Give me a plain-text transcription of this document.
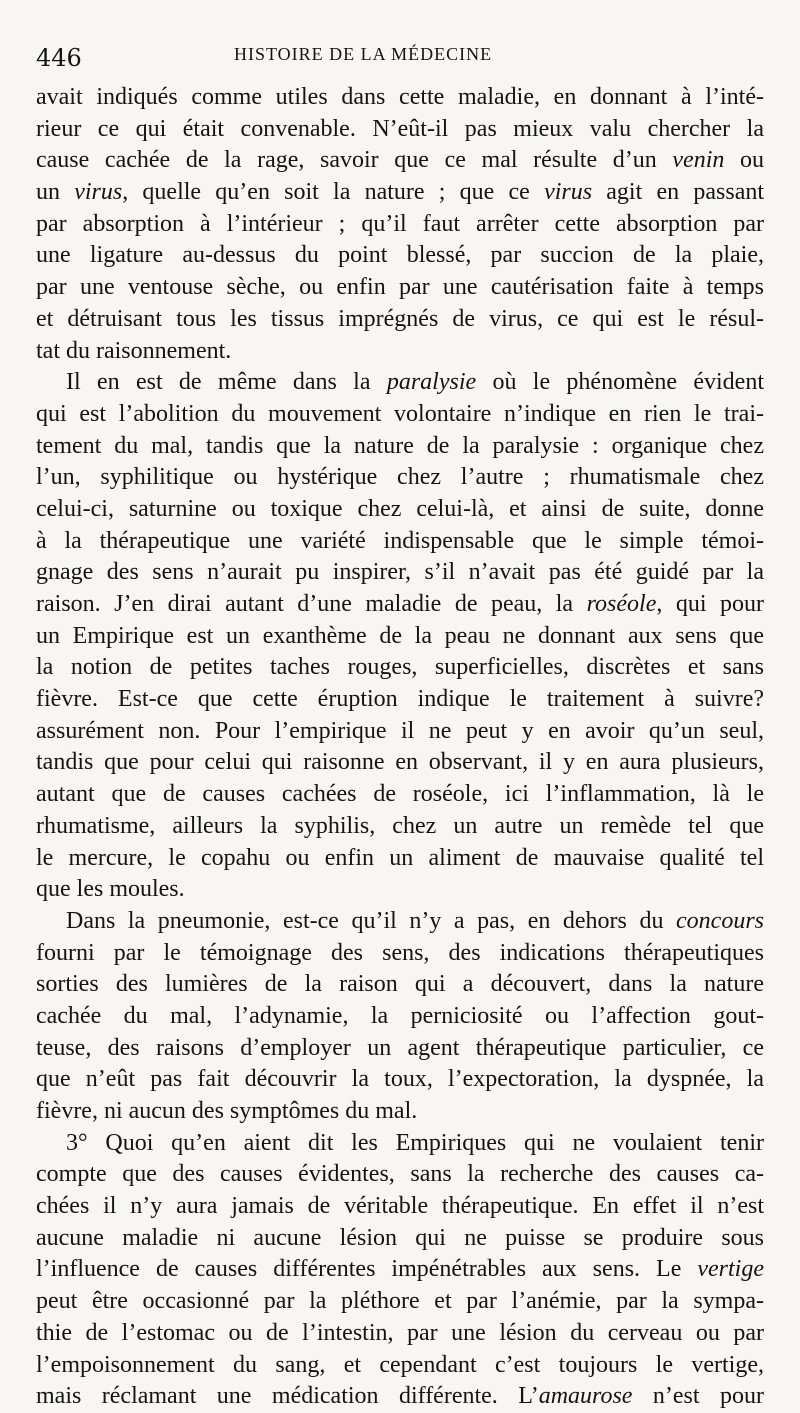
446	HISTOIRE DE LA MÉDECINE
avait indiqués comme utiles dans cette maladie, en donnant à l’inté-
rieur ce qui était convenable. N’eût-il pas mieux valu chercher la
cause cachée de la rage, savoir que ce mal résulte d’un venin ou
un virus, quelle qu’en soit la nature ; que ce virus agit en passant
par absorption à l’intérieur ; qu’il faut arrêter cette absorption par
une ligature au-dessus du point blessé, par succion de la plaie,
par une ventouse sèche, ou enfin par une cautérisation faite à temps
et détruisant tous les tissus imprégnés de virus, ce qui est le résul-
tat du raisonnement.
Il en est de même dans la paralysie où le phénomène évident
qui est l’abolition du mouvement volontaire n’indique en rien le trai-
tement du mal, tandis que la nature de la paralysie : organique chez
l’un, syphilitique ou hystérique chez l’autre ; rhumatismale chez
celui-ci, saturnine ou toxique chez celui-là, et ainsi de suite, donne
à la thérapeutique une variété indispensable que le simple témoi-
gnage des sens n’aurait pu inspirer, s’il n’avait pas été guidé par la
raison. J’en dirai autant d’une maladie de peau, la roséole, qui pour
un Empirique est un exanthème de la peau ne donnant aux sens que
la notion de petites taches rouges, superficielles, discrètes et sans
fièvre. Est-ce que cette éruption indique le traitement à suivre?
assurément non. Pour l’empirique il ne peut y en avoir qu’un seul,
tandis que pour celui qui raisonne en observant, il y en aura plusieurs,
autant que de causes cachées de roséole, ici l’inflammation, là le
rhumatisme, ailleurs la syphilis, chez un autre un remède tel que
le mercure, le copahu ou enfin un aliment de mauvaise qualité tel
que les moules.
Dans la pneumonie, est-ce qu’il n’y a pas, en dehors du concours
fourni par le témoignage des sens, des indications thérapeutiques
sorties des lumières de la raison qui a découvert, dans la nature
cachée du mal, l’adynamie, la perniciosité ou l’affection gout-
teuse, des raisons d’employer un agent thérapeutique particulier, ce
que n’eût pas fait découvrir la toux, l’expectoration, la dyspnée, la
fièvre, ni aucun des symptômes du mal.
3° Quoi qu’en aient dit les Empiriques qui ne voulaient tenir
compte que des causes évidentes, sans la recherche des causes ca-
chées il n’y aura jamais de véritable thérapeutique. En effet il n’est
aucune maladie ni aucune lésion qui ne puisse se produire sous
l’influence de causes différentes impénétrables aux sens. Le vertige
peut être occasionné par la pléthore et par l’anémie, par la sympa-
thie de l’estomac ou de l’intestin, par une lésion du cerveau ou par
l’empoisonnement du sang, et cependant c’est toujours le vertige,
mais réclamant une médication différente. L’amaurose n’est pour
